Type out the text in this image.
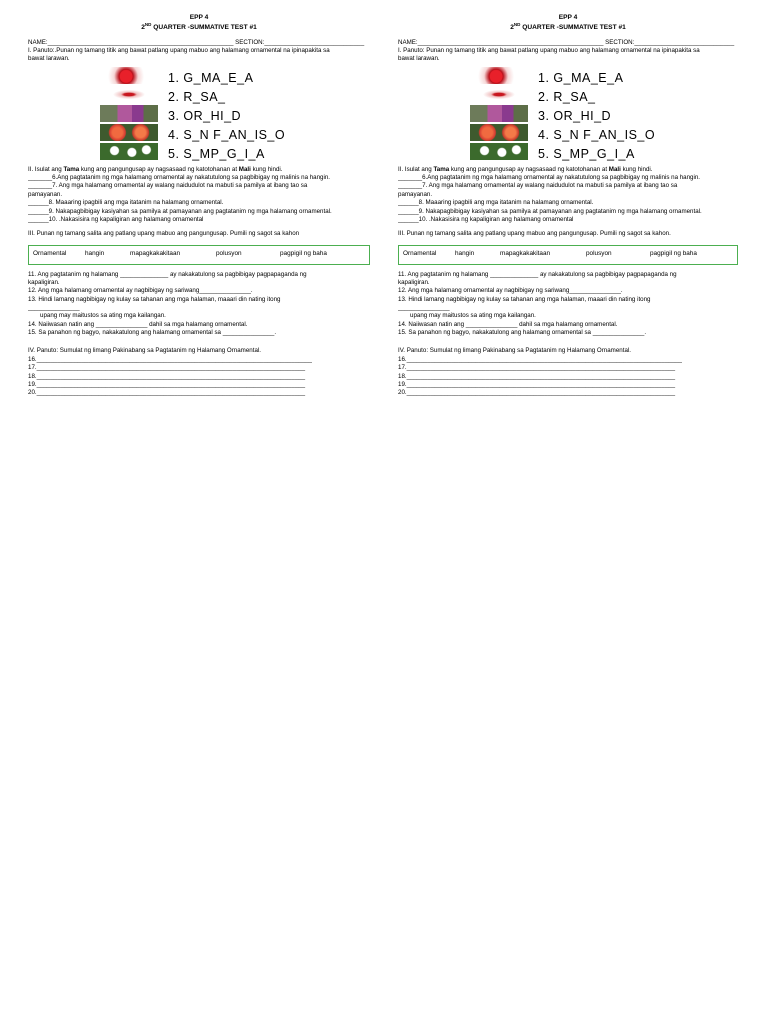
EPP 4
2ND QUARTER -SUMMATIVE TEST #1
NAME:______________________________________________________ SECTION:_____________________________
I. Panuto:.Punan ng tamang titik ang bawat patlang upang mabuo ang halamang ornamental na ipinapakita sa
bawat larawan.
1. G_MA_E_A
2. R_SA_
3. OR_HI_D
4. S_N F_AN_IS_O
5. S_MP_G_I_A
II. Isulat ang Tama kung ang pangungusap ay nagsasaad ng katotohanan at Mali kung hindi.
_______6.Ang pagtatanim ng mga halamang ornamental ay nakatutulong sa pagbibigay ng malinis na hangin.
_______7. Ang mga halamang ornamental ay walang naidudulot na mabuti sa pamilya at ibang tao sa
pamayanan.
______8. Maaaring ipagbili ang mga itatanim na halamang ornamental.
______9. Nakapagbibigay kasiyahan sa pamilya at pamayanan ang pagtatanim ng mga halamang ornamental.
______10. .Nakasisira ng kapaligiran ang halamang ornamental
III. Punan ng tamang salita ang patlang upang mabuo ang pangungusap. Pumili ng sagot sa kahon
Ornamental	hangin	mapagkakakitaan	polusyon	pagpigil ng baha
11. Ang pagtatanim ng halamang ______________ ay nakakatulong sa pagbibigay pagpapaganda ng
kapaligiran.
12. Ang mga halamang ornamental ay nagbibigay ng sariwang_______________.
13. Hindi lamang nagbibigay ng kulay sa tahanan ang mga halaman, maaari din nating itong
_______________
upang may maitustos sa ating mga kailangan.
14. Naiiwasan natin ang _______________ dahil sa mga halamang ornamental.
15. Sa panahon ng bagyo, nakakatulong ang halamang ornamental sa _______________.
IV. Panuto: Sumulat ng limang Pakinabang sa Pagtatanim ng Halamang Ornamental.
16.________________________________________________________________________________
17.______________________________________________________________________________
18.______________________________________________________________________________
19.______________________________________________________________________________
20.______________________________________________________________________________
EPP 4
2ND QUARTER -SUMMATIVE TEST #1
NAME:______________________________________________________ SECTION:_____________________________
I. Panuto: Punan ng tamang titik ang bawat patlang upang mabuo ang halamang ornamental na ipinapakita sa
bawat larawan.
1. G_MA_E_A
2. R_SA_
3. OR_HI_D
4. S_N F_AN_IS_O
5. S_MP_G_I_A
II. Isulat ang Tama kung ang pangungusap ay nagsasaad ng katotohanan at Mali kung hindi.
_______6.Ang pagtatanim ng mga halamang ornamental ay nakatutulong sa pagbibigay ng malinis na hangin.
_______7. Ang mga halamang ornamental ay walang naidudulot na mabuti sa pamilya at ibang tao sa
pamayanan.
______8. Maaaring ipagbili ang mga itatanim na halamang ornamental.
______9. Nakapagbibigay kasiyahan sa pamilya at pamayanan ang pagtatanim ng mga halamang ornamental.
______10. .Nakasisira ng kapaligiran ang halamang ornamental
III. Punan ng tamang salita ang patlang upang mabuo ang pangungusap. Pumili ng sagot sa kahon.
Ornamental	hangin	mapagkakakitaan	polusyon	pagpigil ng baha
11. Ang pagtatanim ng halamang ______________ ay nakakatulong sa pagbibigay pagpapaganda ng
kapaligiran.
12. Ang mga halamang ornamental ay nagbibigay ng sariwang_______________.
13. Hindi lamang nagbibigay ng kulay sa tahanan ang mga halaman, maaari din nating itong
_______________
upang may maitustos sa ating mga kailangan.
14. Naiiwasan natin ang _______________ dahil sa mga halamang ornamental.
15. Sa panahon ng bagyo, nakakatulong ang halamang ornamental sa _______________.
IV. Panuto: Sumulat ng limang Pakinabang sa Pagtatanim ng Halamang Ornamental.
16.________________________________________________________________________________
17.______________________________________________________________________________
18.______________________________________________________________________________
19.______________________________________________________________________________
20.______________________________________________________________________________
